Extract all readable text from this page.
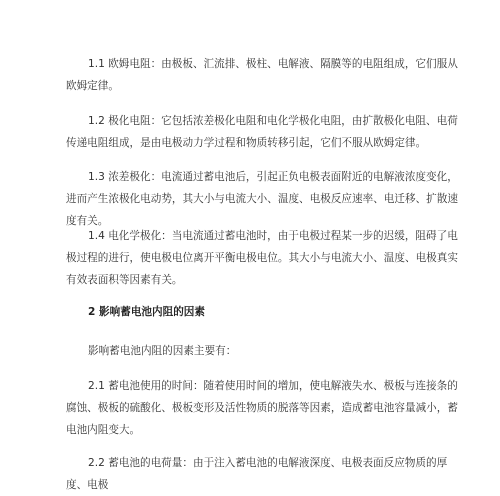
1.1 欧姆电阻：由极板、汇流排、极柱、电解液、隔膜等的电阻组成，它们服从欧姆定律。

1.2 极化电阻：它包括浓差极化电阻和电化学极化电阻，由扩散极化电阻、电荷传递电阻组成，是由电极动力学过程和物质转移引起，它们不服从欧姆定律。

1.3 浓差极化：电流通过蓄电池后，引起正负电极表面附近的电解液浓度变化，进而产生浓极化电动势，其大小与电流大小、温度、电极反应速率、电迁移、扩散速度有关。

1.4 电化学极化：当电流通过蓄电池时，由于电极过程某一步的迟缓，阻碍了电极过程的进行，使电极电位离开平衡电极电位。其大小与电流大小、温度、电极真实有效表面积等因素有关。

2 影响蓄电池内阻的因素

影响蓄电池内阻的因素主要有：

2.1 蓄电池使用的时间：随着使用时间的增加，使电解液失水、极板与连接条的腐蚀、极板的硫酸化、极板变形及活性物质的脱落等因素，造成蓄电池容量减小，蓄电池内阻变大。

2.2 蓄电池的电荷量：由于注入蓄电池的电解液深度、电极表面反应物质的厚度、电极
